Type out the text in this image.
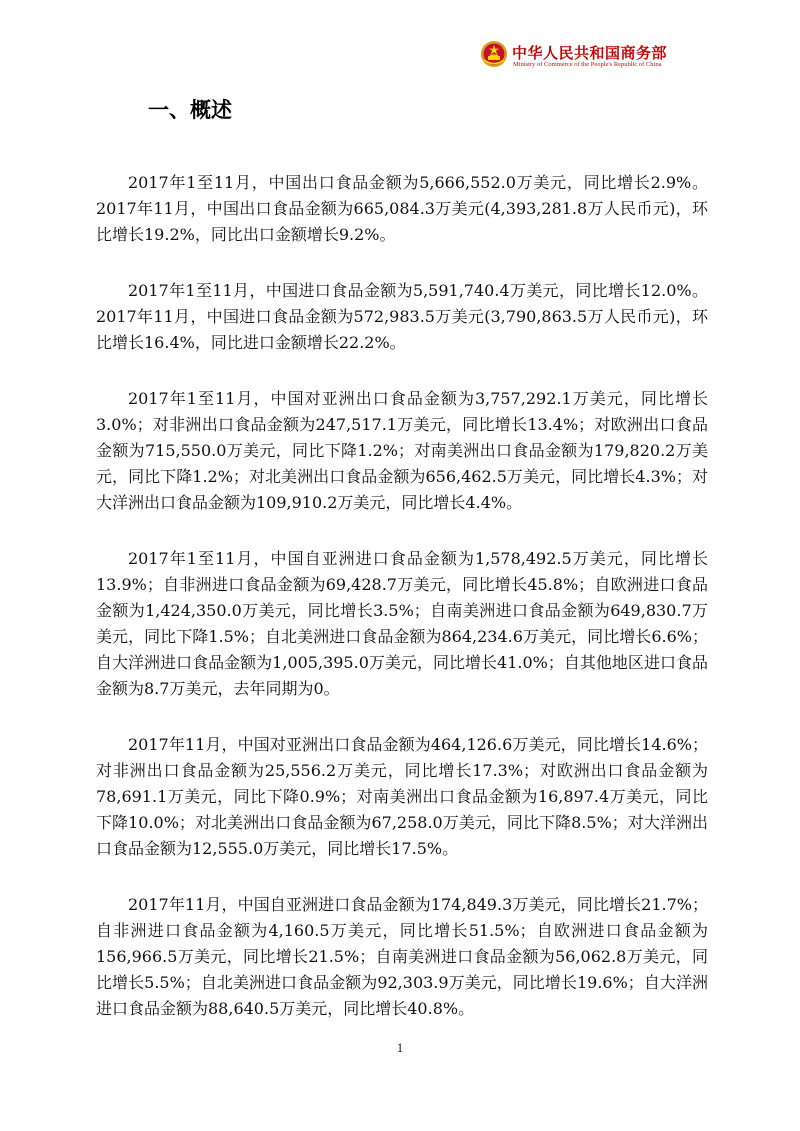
中华人民共和国商务部
Ministry of Commerce of the People's Republic of China
一、概述

2017年1至11月，中国出口食品金额为5,666,552.0万美元，同比增长2.9%。2017年11月，中国出口食品金额为665,084.3万美元(4,393,281.8万人民币元)，环比增长19.2%，同比出口金额增长9.2%。

2017年1至11月，中国进口食品金额为5,591,740.4万美元，同比增长12.0%。2017年11月，中国进口食品金额为572,983.5万美元(3,790,863.5万人民币元)，环比增长16.4%，同比进口金额增长22.2%。

2017年1至11月，中国对亚洲出口食品金额为3,757,292.1万美元，同比增长3.0%；对非洲出口食品金额为247,517.1万美元，同比增长13.4%；对欧洲出口食品金额为715,550.0万美元，同比下降1.2%；对南美洲出口食品金额为179,820.2万美元，同比下降1.2%；对北美洲出口食品金额为656,462.5万美元，同比增长4.3%；对大洋洲出口食品金额为109,910.2万美元，同比增长4.4%。

2017年1至11月，中国自亚洲进口食品金额为1,578,492.5万美元，同比增长13.9%；自非洲进口食品金额为69,428.7万美元，同比增长45.8%；自欧洲进口食品金额为1,424,350.0万美元，同比增长3.5%；自南美洲进口食品金额为649,830.7万美元，同比下降1.5%；自北美洲进口食品金额为864,234.6万美元，同比增长6.6%；自大洋洲进口食品金额为1,005,395.0万美元，同比增长41.0%；自其他地区进口食品金额为8.7万美元，去年同期为0。

2017年11月，中国对亚洲出口食品金额为464,126.6万美元，同比增长14.6%；对非洲出口食品金额为25,556.2万美元，同比增长17.3%；对欧洲出口食品金额为78,691.1万美元，同比下降0.9%；对南美洲出口食品金额为16,897.4万美元，同比下降10.0%；对北美洲出口食品金额为67,258.0万美元，同比下降8.5%；对大洋洲出口食品金额为12,555.0万美元，同比增长17.5%。

2017年11月，中国自亚洲进口食品金额为174,849.3万美元，同比增长21.7%；自非洲进口食品金额为4,160.5万美元，同比增长51.5%；自欧洲进口食品金额为156,966.5万美元，同比增长21.5%；自南美洲进口食品金额为56,062.8万美元，同比增长5.5%；自北美洲进口食品金额为92,303.9万美元，同比增长19.6%；自大洋洲进口食品金额为88,640.5万美元，同比增长40.8%。

1
